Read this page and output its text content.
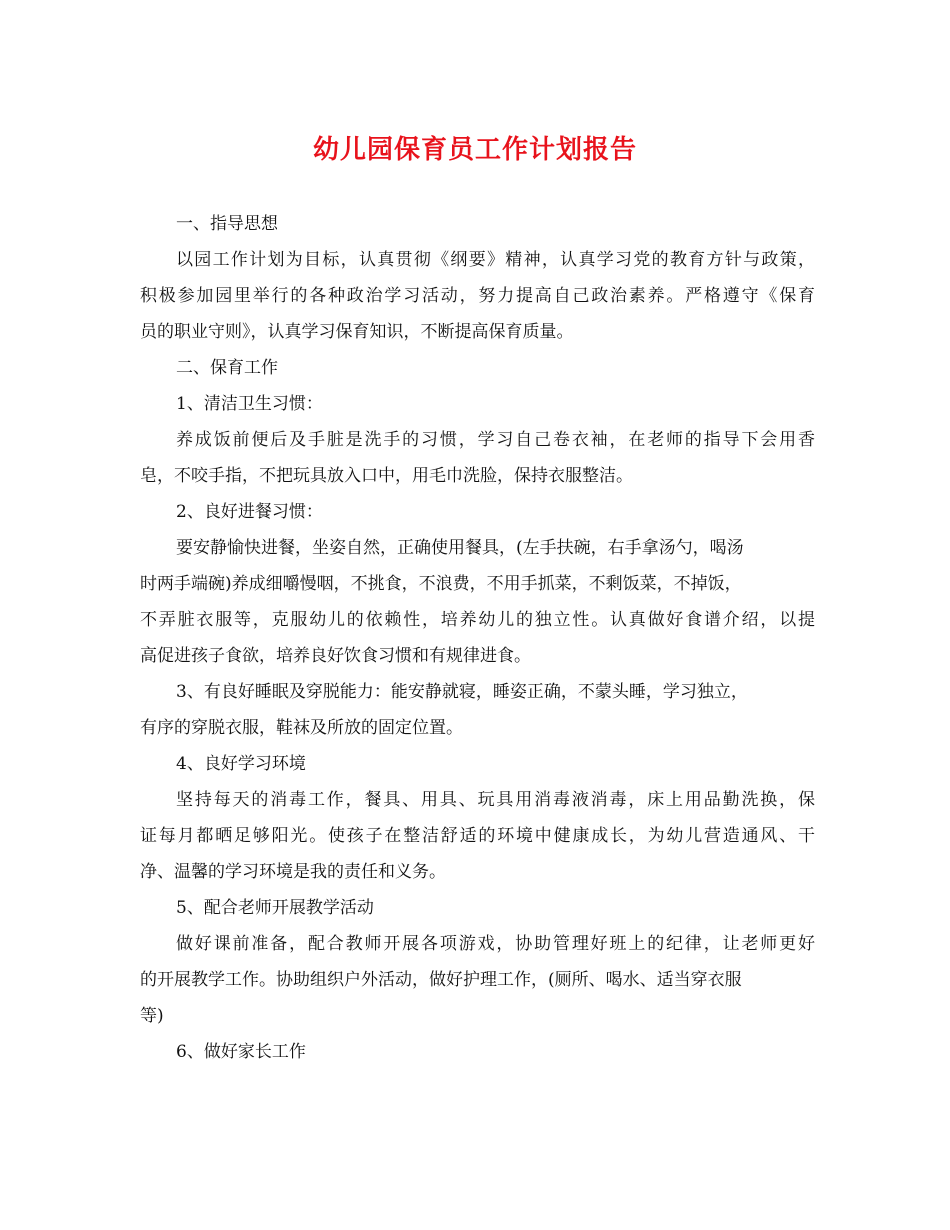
幼儿园保育员工作计划报告
一、指导思想
以园工作计划为目标，认真贯彻《纲要》精神，认真学习党的教育方针与政策，
积极参加园里举行的各种政治学习活动，努力提高自己政治素养。严格遵守《保育
员的职业守则》，认真学习保育知识，不断提高保育质量。
二、保育工作
1、清洁卫生习惯：
养成饭前便后及手脏是洗手的习惯，学习自己卷衣袖，在老师的指导下会用香
皂，不咬手指，不把玩具放入口中，用毛巾洗脸，保持衣服整洁。
2、良好进餐习惯：
要安静愉快进餐，坐姿自然，正确使用餐具，(左手扶碗，右手拿汤勺，喝汤
时两手端碗)养成细嚼慢咽，不挑食，不浪费，不用手抓菜，不剩饭菜，不掉饭，
不弄脏衣服等，克服幼儿的依赖性，培养幼儿的独立性。认真做好食谱介绍，以提
高促进孩子食欲，培养良好饮食习惯和有规律进食。
3、有良好睡眠及穿脱能力：能安静就寝，睡姿正确，不蒙头睡，学习独立，
有序的穿脱衣服，鞋袜及所放的固定位置。
4、良好学习环境
坚持每天的消毒工作，餐具、用具、玩具用消毒液消毒，床上用品勤洗换，保
证每月都晒足够阳光。使孩子在整洁舒适的环境中健康成长，为幼儿营造通风、干
净、温馨的学习环境是我的责任和义务。
5、配合老师开展教学活动
做好课前准备，配合教师开展各项游戏，协助管理好班上的纪律，让老师更好
的开展教学工作。协助组织户外活动，做好护理工作，(厕所、喝水、适当穿衣服
等)
6、做好家长工作
